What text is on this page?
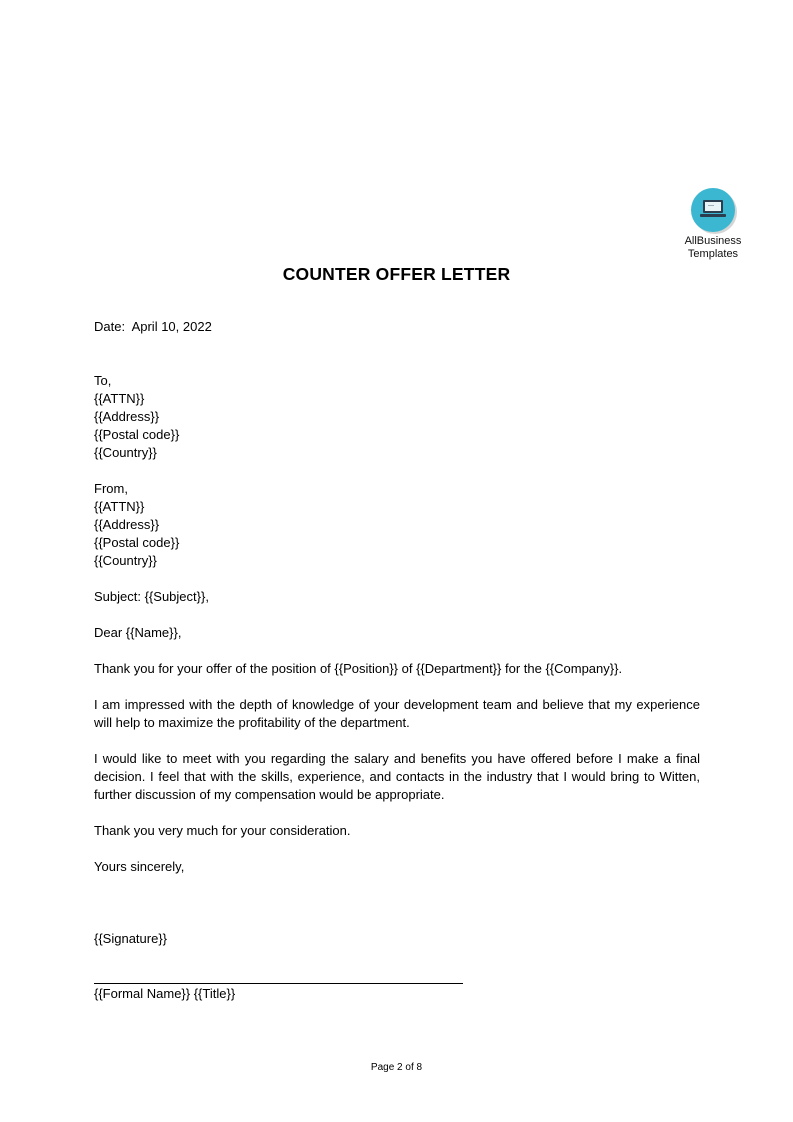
AllBusiness
Templates
COUNTER OFFER LETTER

Date:  April 10, 2022

To,

{{ATTN}}

{{Address}}

{{Postal code}}

{{Country}}

From,

{{ATTN}}

{{Address}}

{{Postal code}}

{{Country}}

Subject: {{Subject}},

Dear {{Name}},

Thank you for your offer of the position of {{Position}} of {{Department}} for the {{Company}}.

I am impressed with the depth of knowledge of your development team and believe that my experience will help to maximize the profitability of the department.

I would like to meet with you regarding the salary and benefits you have offered before I make a final decision. I feel that with the skills, experience, and contacts in the industry that I would bring to Witten, further discussion of my compensation would be appropriate.

Thank you very much for your consideration.

Yours sincerely,

{{Signature}}

{{Formal Name}} {{Title}}

Page 2 of 8
